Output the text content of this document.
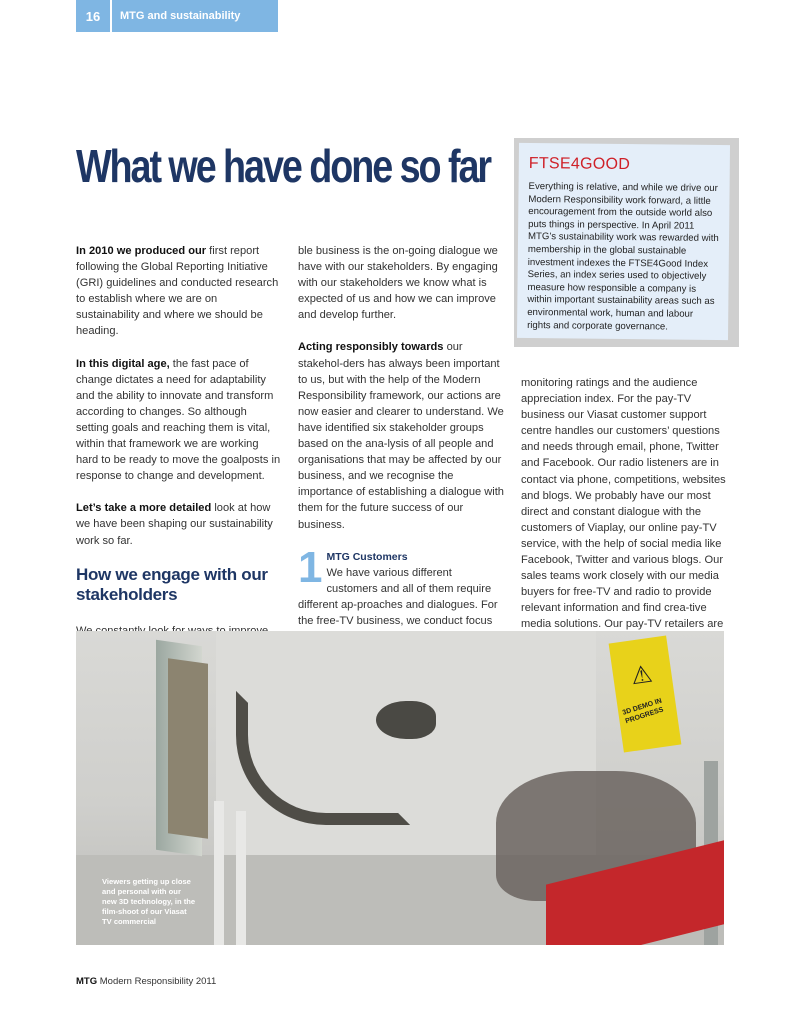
16	MTG and sustainability
What we have done so far FTSE4GOOD

Everything is relative, and while we drive our Modern Responsibility work forward, a little encouragement from the outside world also puts things in perspective. In April 2011 MTG’s sustainability work was rewarded with membership in the global sustainable investment indexes the FTSE4Good Index Series, an index series used to objectively measure how responsible a company is within important sustainability areas such as environmental work, human and labour rights and corporate governance.

In 2010 we produced our first report following the Global Reporting Initiative (GRI) guidelines and conducted research to establish where we are on sustainability and where we should be heading.

In this digital age, the fast pace of change dictates a need for adaptability and the ability to innovate and transform according to changes. So although setting goals and reaching them is vital, within that framework we are working hard to be ready to move the goalposts in response to change and development.

Let’s take a more detailed look at how we have been shaping our sustainability work so far.

How we engage with our stakeholders

ble business is the on-going dialogue we have with our stakeholders. By engaging with our stakeholders we know what is expected of us and how we can improve and develop further.

Acting responsibly towards our stakehol-ders has always been important to us, but with the help of the Modern Responsibility framework, our actions are now easier and clearer to understand. We have identified six stakeholder groups based on the ana-lysis of all people and organisations that may be affected by our business, and we recognise the importance of establishing a dialogue with them for the future success of our business.

1 MTG Customers
We have various different customers and all of them require different ap-proaches and dialogues. For the free-TV business, we conduct focus

monitoring ratings and the audience appreciation index. For the pay-TV business our Viasat customer support centre handles our customers’ questions and needs through email, phone, Twitter and Facebook. Our radio listeners are in contact via phone, competitions, websites and blogs. We probably have our most direct and constant dialogue with the customers of Viaplay, our online pay-TV service, with the help of social media like Facebook, Twitter and various blogs. Our sales teams work closely with our media buyers for free-TV and radio to provide relevant information and find crea-tive media solutions. Our pay-TV retailers are

⚠
3D DEMO IN PROGRESS
Viewers getting up close and personal with our new 3D technology, in the film-shoot of our Viasat TV commercial
MTG Modern Responsibility 2011
